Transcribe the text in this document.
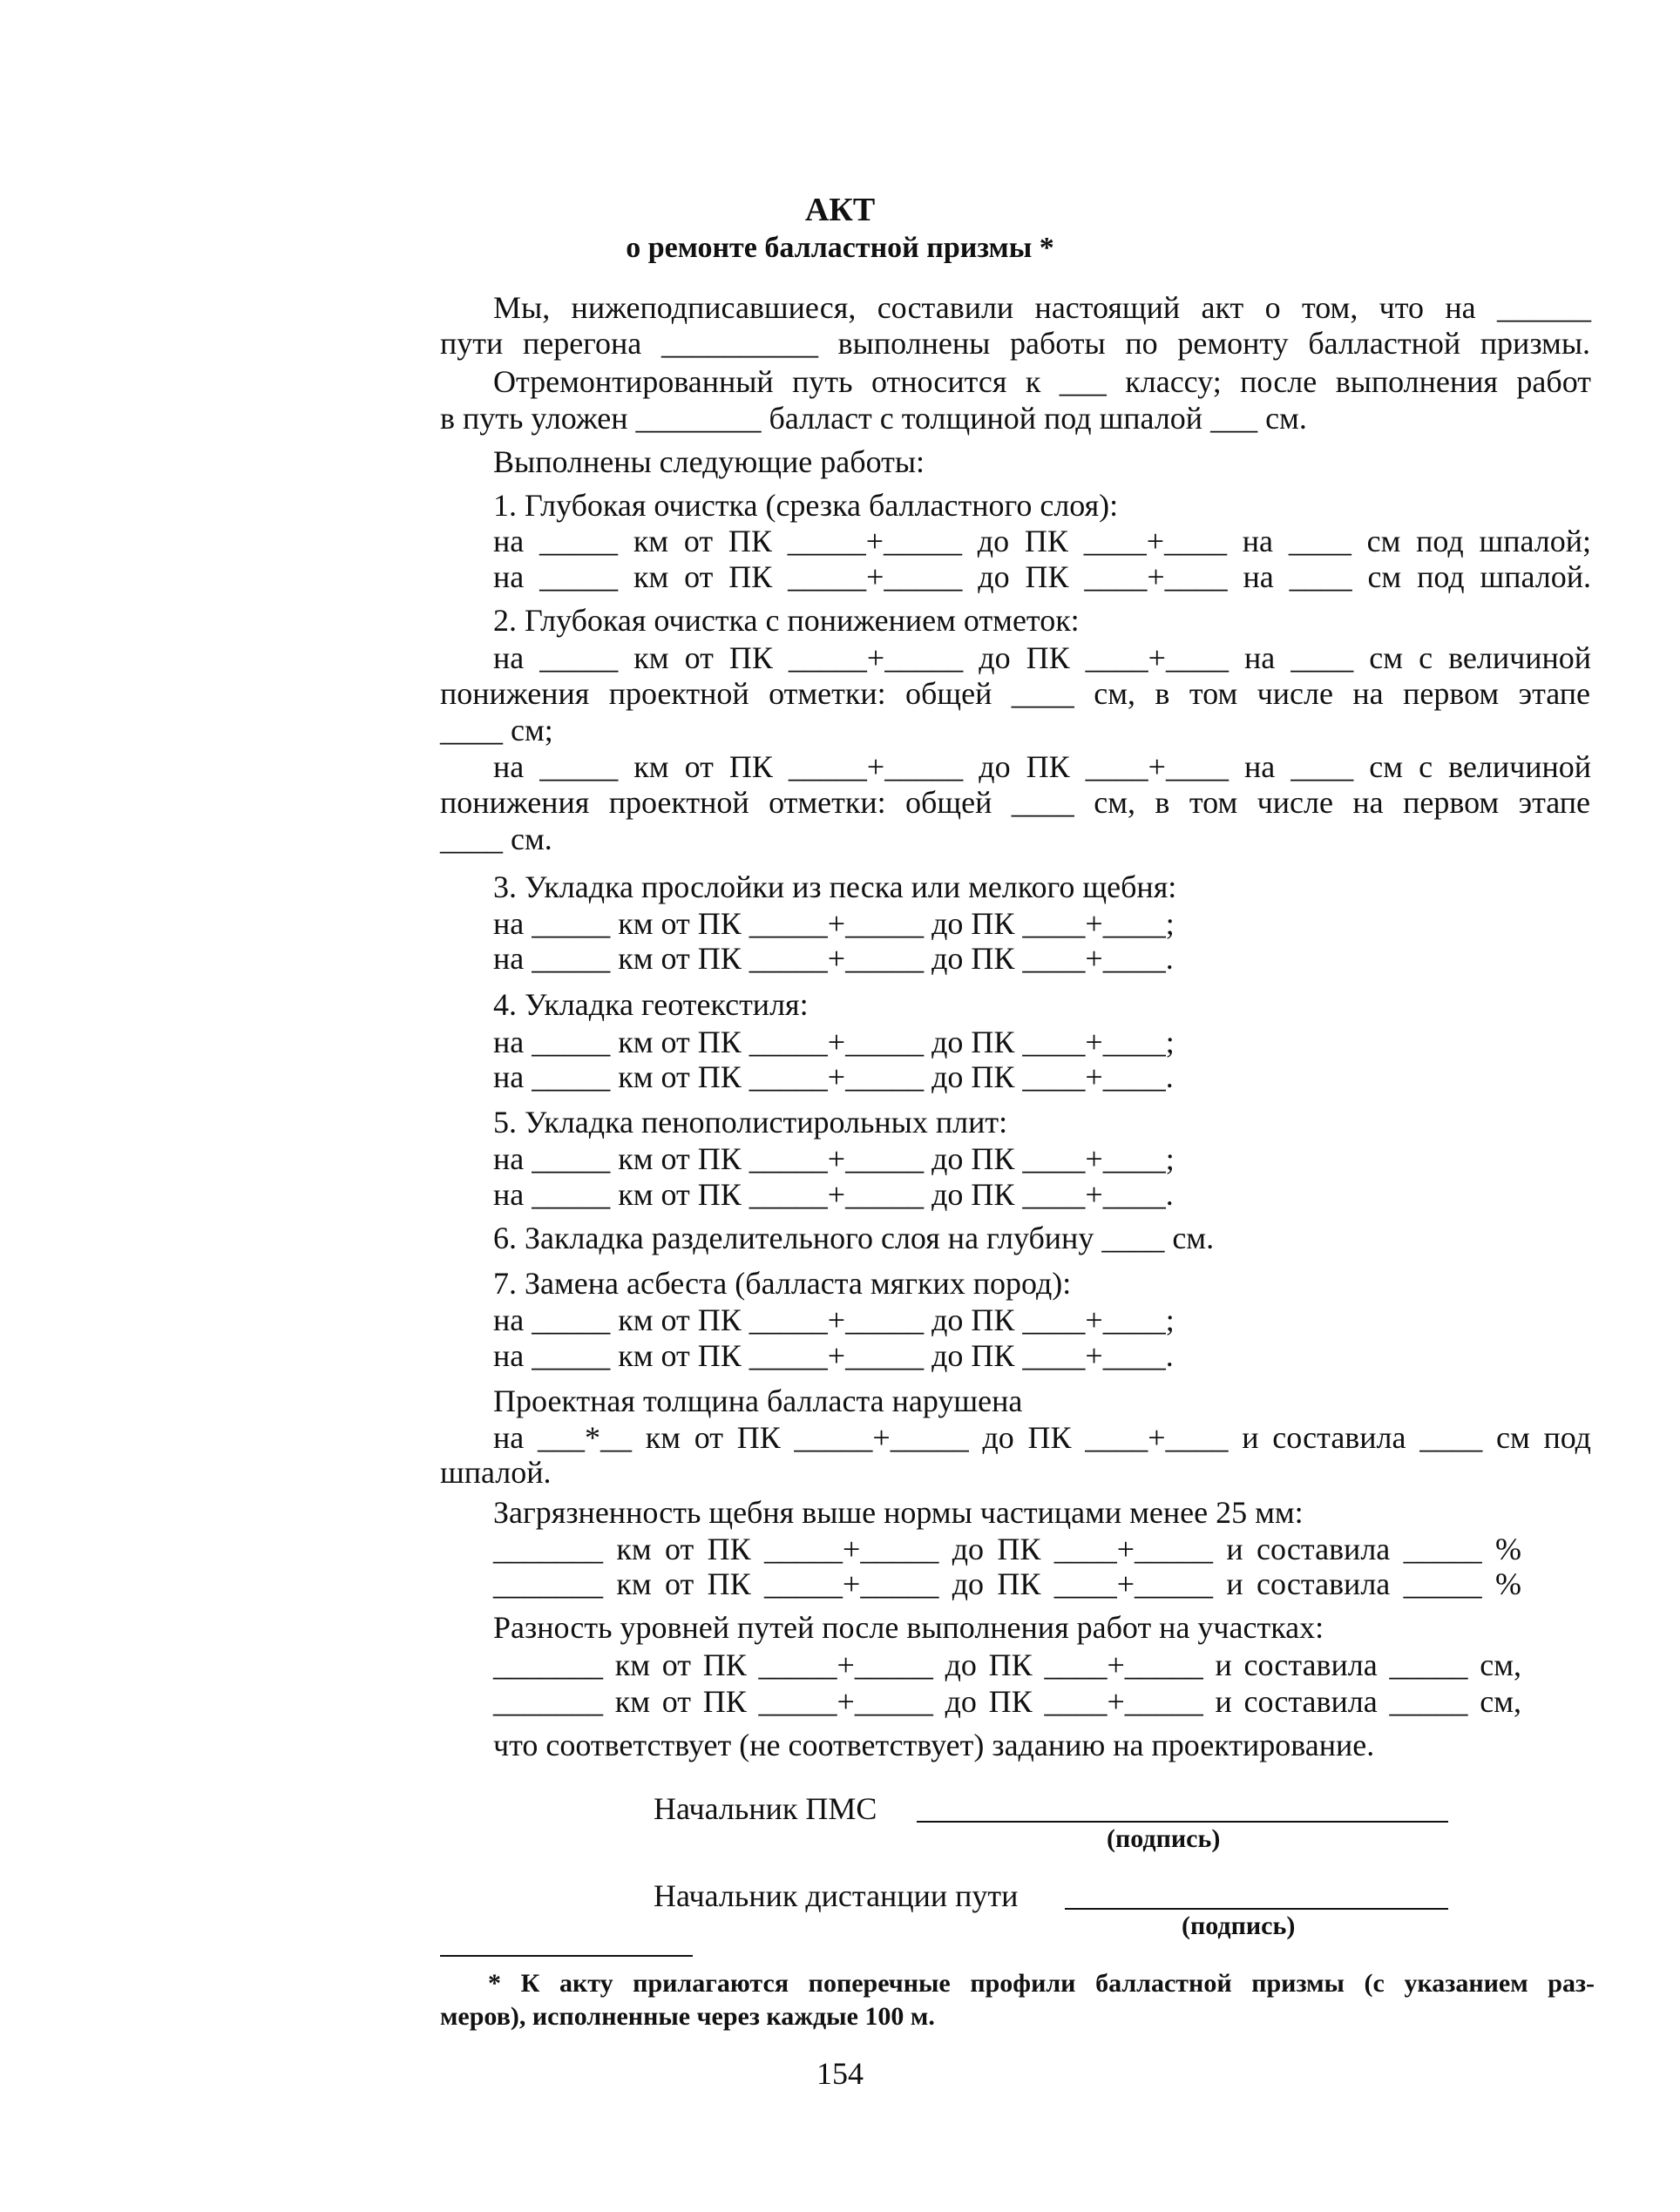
АКТ
о ремонте балластной призмы *
Мы, нижеподписавшиеся, составили настоящий акт о том, что на ______
пути перегона __________ выполнены работы по ремонту балластной призмы.
Отремонтированный путь относится к ___ классу; после выполнения работ
в путь уложен ________ балласт с толщиной под шпалой ___ см.
Выполнены следующие работы:
1. Глубокая очистка (срезка балластного слоя):
на _____ км от ПК _____+_____ до ПК ____+____ на ____ см под шпалой;
на _____ км от ПК _____+_____ до ПК ____+____ на ____ см под шпалой.
2. Глубокая очистка с понижением отметок:
на _____ км от ПК _____+_____ до ПК ____+____ на ____ см с величиной
понижения проектной отметки: общей ____ см, в том числе на первом этапе
____ см;
на _____ км от ПК _____+_____ до ПК ____+____ на ____ см с величиной
понижения проектной отметки: общей ____ см, в том числе на первом этапе
____ см.
3. Укладка прослойки из песка или мелкого щебня:
на _____ км от ПК _____+_____ до ПК ____+____;
на _____ км от ПК _____+_____ до ПК ____+____.
4. Укладка геотекстиля:
на _____ км от ПК _____+_____ до ПК ____+____;
на _____ км от ПК _____+_____ до ПК ____+____.
5. Укладка пенополистирольных плит:
на _____ км от ПК _____+_____ до ПК ____+____;
на _____ км от ПК _____+_____ до ПК ____+____.
6. Закладка разделительного слоя на глубину ____ см.
7. Замена асбеста (балласта мягких пород):
на _____ км от ПК _____+_____ до ПК ____+____;
на _____ км от ПК _____+_____ до ПК ____+____.
Проектная толщина балласта нарушена
на ___*__ км от ПК _____+_____ до ПК ____+____ и составила ____ см под
шпалой.
Загрязненность щебня выше нормы частицами менее 25 мм:
_______ км от ПК _____+_____ до ПК ____+_____ и составила _____ %
_______ км от ПК _____+_____ до ПК ____+_____ и составила _____ %
Разность уровней путей после выполнения работ на участках:
_______ км от ПК _____+_____ до ПК ____+_____ и составила _____ см,
_______ км от ПК _____+_____ до ПК ____+_____ и составила _____ см,
что соответствует (не соответствует) заданию на проектирование.
Начальник ПМС
(подпись)
Начальник дистанции пути
(подпись)
* К акту прилагаются поперечные профили балластной призмы (с указанием раз-
меров), исполненные через каждые 100 м.
154
